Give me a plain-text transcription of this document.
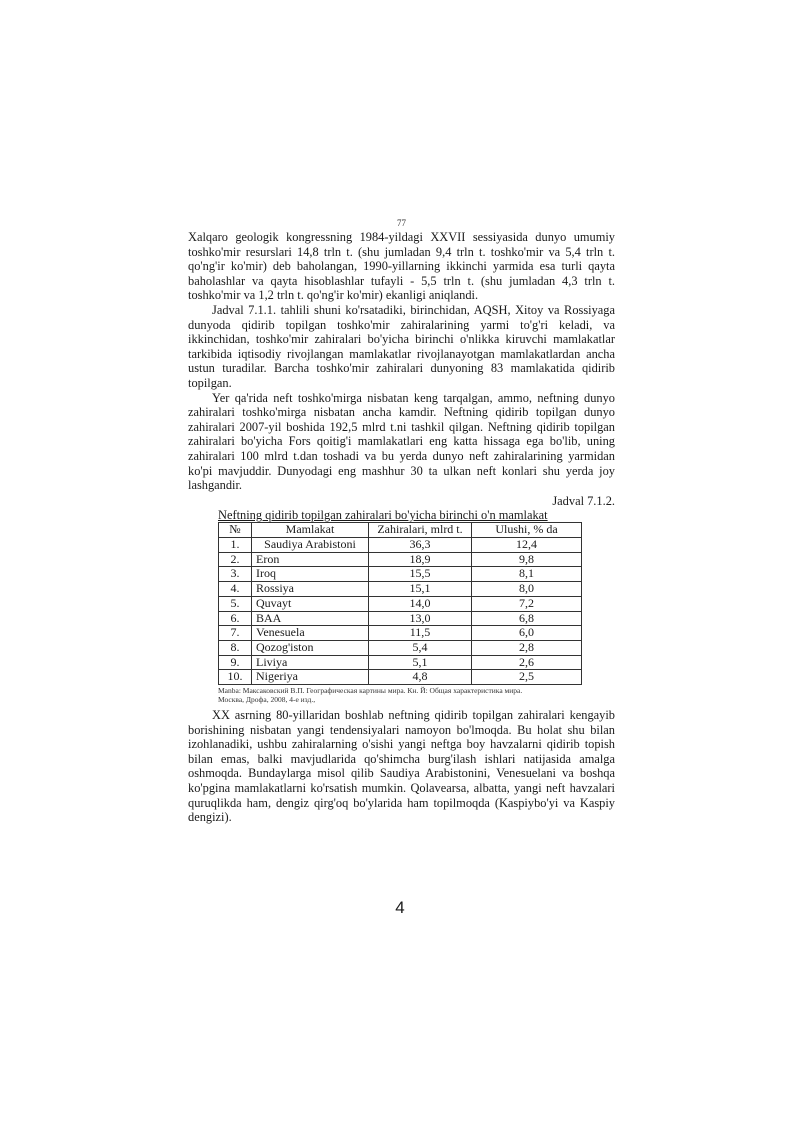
77

Xalqaro geologik kongressning 1984-yildagi XXVII sessiyasida dunyo umumiy toshko'mir resurslari 14,8 trln t. (shu jumladan 9,4 trln t. toshko'mir va 5,4 trln t. qo'ng'ir ko'mir) deb baholangan, 1990-yillarning ikkinchi yarmida esa turli qayta baholashlar va qayta hisoblashlar tufayli - 5,5 trln t. (shu jumladan 4,3 trln t. toshko'mir va 1,2 trln t. qo'ng'ir ko'mir) ekanligi aniqlandi.

Jadval 7.1.1. tahlili shuni ko'rsatadiki, birinchidan, AQSH, Xitoy va Rossiyaga dunyoda qidirib topilgan toshko'mir zahiralarining yarmi to'g'ri keladi, va ikkinchidan, toshko'mir zahiralari bo'yicha birinchi o'nlikka kiruvchi mamlakatlar tarkibida iqtisodiy rivojlangan mamlakatlar rivojlanayotgan mamlakatlardan ancha ustun turadilar. Barcha toshko'mir zahiralari dunyoning 83 mamlakatida qidirib topilgan.

Yer qa'rida neft toshko'mirga nisbatan keng tarqalgan, ammo, neftning dunyo zahiralari toshko'mirga nisbatan ancha kamdir. Neftning qidirib topilgan dunyo zahiralari 2007-yil boshida 192,5 mlrd t.ni tashkil qilgan. Neftning qidirib topilgan zahiralari bo'yicha Fors qoitig'i mamlakatlari eng katta hissaga ega bo'lib, uning zahiralari 100 mlrd t.dan toshadi va bu yerda dunyo neft zahiralarining yarmidan ko'pi mavjuddir. Dunyodagi eng mashhur 30 ta ulkan neft konlari shu yerda joy lashgandir.

Jadval 7.1.2.
Neftning qidirib topilgan zahiralari bo'yicha birinchi o'n mamlakat
№	Mamlakat	Zahiralari, mlrd t.	Ulushi, % da
1.	Saudiya Arabistoni	36,3	12,4
2.	Eron	18,9	9,8
3.	Iroq	15,5	8,1
4.	Rossiya	15,1	8,0
5.	Quvayt	14,0	7,2
6.	BAA	13,0	6,8
7.	Venesuela	11,5	6,0
8.	Qozog'iston	5,4	2,8
9.	Liviya	5,1	2,6
10.	Nigeriya	4,8	2,5
Manba: Максаковский В.П. Географическая картины мира. Кн. Й: Общая характеристика мира.
Москва, Дрофа, 2008, 4-е изд.,

XX asrning 80-yillaridan boshlab neftning qidirib topilgan zahiralari kengayib borishining nisbatan yangi tendensiyalari namoyon bo'lmoqda. Bu holat shu bilan izohlanadiki, ushbu zahiralarning o'sishi yangi neftga boy havzalarni qidirib topish bilan emas, balki mavjudlarida qo'shimcha burg'ilash ishlari natijasida amalga oshmoqda. Bundaylarga misol qilib Saudiya Arabistonini, Venesuelani va boshqa ko'pgina mamlakatlarni ko'rsatish mumkin. Qolavearsa, albatta, yangi neft havzalari quruqlikda ham, dengiz qirg'oq bo'ylarida ham topilmoqda (Kaspiybo'yi va Kaspiy dengizi).

4
